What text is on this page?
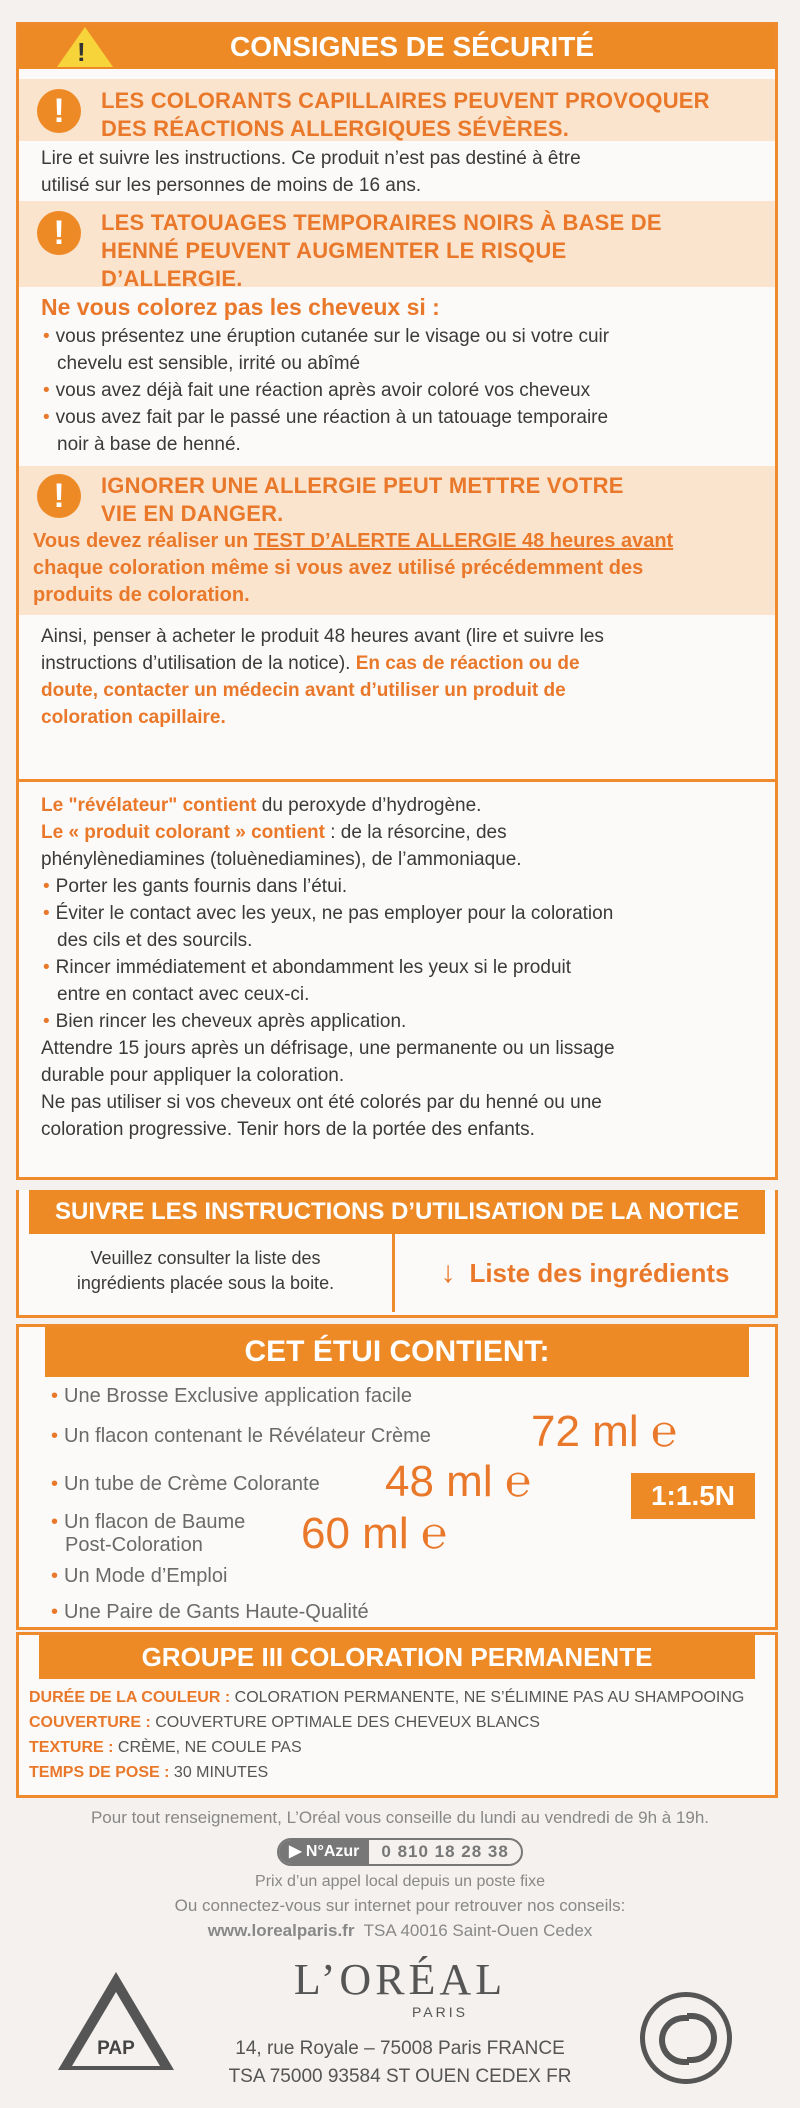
!	CONSIGNES DE SÉCURITÉ
!	LES COLORANTS CAPILLAIRES PEUVENT PROVOQUER
DES RÉACTIONS ALLERGIQUES SÉVÈRES.
Lire et suivre les instructions. Ce produit n’est pas destiné à être
utilisé sur les personnes de moins de 16 ans.
!	LES TATOUAGES TEMPORAIRES NOIRS À BASE DE
HENNÉ PEUVENT AUGMENTER LE RISQUE
D’ALLERGIE.
Ne vous colorez pas les cheveux si :
• vous présentez une éruption cutanée sur le visage ou si votre cuir
chevelu est sensible, irrité ou abîmé
• vous avez déjà fait une réaction après avoir coloré vos cheveux
• vous avez fait par le passé une réaction à un tatouage temporaire
noir à base de henné.
!	IGNORER UNE ALLERGIE PEUT METTRE VOTRE
VIE EN DANGER.
Vous devez réaliser un TEST D’ALERTE ALLERGIE 48 heures avant
chaque coloration même si vous avez utilisé précédemment des
produits de coloration.
Ainsi, penser à acheter le produit 48 heures avant (lire et suivre les
instructions d’utilisation de la notice). En cas de réaction ou de
doute, contacter un médecin avant d’utiliser un produit de
coloration capillaire.
Le "révélateur" contient du peroxyde d’hydrogène.
Le « produit colorant » contient : de la résorcine, des
phénylènediamines (toluènediamines), de l’ammoniaque.
• Porter les gants fournis dans l’étui.
• Éviter le contact avec les yeux, ne pas employer pour la coloration
des cils et des sourcils.
• Rincer immédiatement et abondamment les yeux si le produit
entre en contact avec ceux-ci.
• Bien rincer les cheveux après application.
Attendre 15 jours après un défrisage, une permanente ou un lissage
durable pour appliquer la coloration.
Ne pas utiliser si vos cheveux ont été colorés par du henné ou une
coloration progressive. Tenir hors de la portée des enfants.
SUIVRE LES INSTRUCTIONS D’UTILISATION DE LA NOTICE
Veuillez consulter la liste des
ingrédients placée sous la boite.	↓ Liste des ingrédients
CET ÉTUI CONTIENT:
• Une Brosse Exclusive application facile
• Un flacon contenant le Révélateur Crème 72 ml ℮
• Un tube de Crème Colorante 48 ml ℮	1:1.5N
• Un flacon de Baume
Post-Coloration	60 ml ℮
• Un Mode d’Emploi
• Une Paire de Gants Haute-Qualité
GROUPE III COLORATION PERMANENTE
DURÉE DE LA COULEUR : COLORATION PERMANENTE, NE S’ÉLIMINE PAS AU SHAMPOOING
COUVERTURE : COUVERTURE OPTIMALE DES CHEVEUX BLANCS
TEXTURE : CRÈME, NE COULE PAS
TEMPS DE POSE : 30 MINUTES
Pour tout renseignement, L’Oréal vous conseille du lundi au vendredi de 9h à 19h.
▶ N°Azur	0 810 18 28 38
Prix d’un appel local depuis un poste fixe
Ou connectez-vous sur internet pour retrouver nos conseils:
www.lorealparis.fr TSA 40016 Saint-Ouen Cedex
PAP
L’ORÉAL
PARIS
14, rue Royale – 75008 Paris FRANCE
TSA 75000 93584 ST OUEN CEDEX FR
